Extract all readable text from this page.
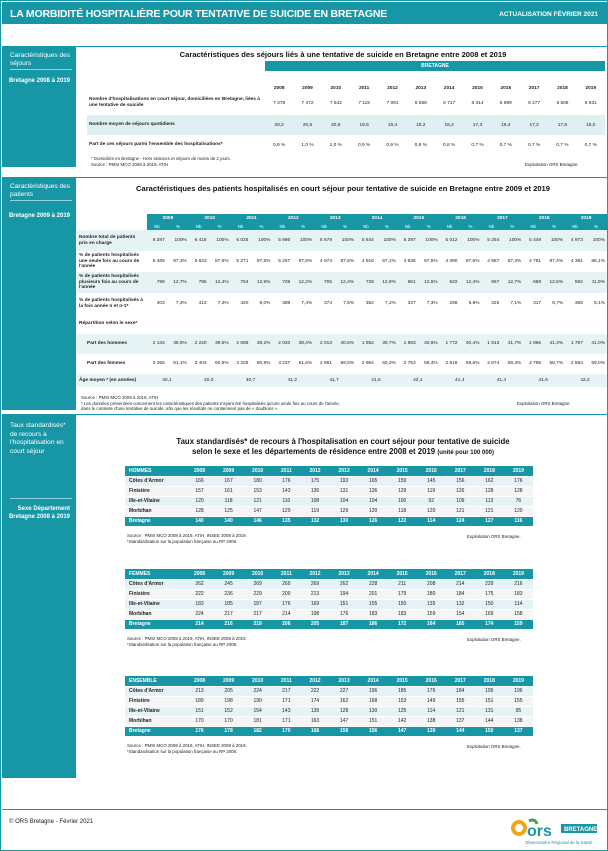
LA MORBIDITÉ HOSPITALIÈRE POUR TENTATIVE DE SUICIDE EN BRETAGNE	ACTUALISATION FÉVRIER 2021
Caractéristiques des séjours
Bretagne 2008 à 2019
Caractéristiques des séjours liés à une tentative de suicide en Bretagne entre 2008 et 2019
	BRETAGNE											
	2008	2009	2010	2011	2012	2013	2014	2015	2016	2017	2018	2019
Nombre d'hospitalisations en court séjour, domiciliées en Bretagne, liées à une tentative de suicide	7 378	7 472	7 642	7 119	7 091	6 658	6 717	6 314	5 989	6 277	6 508	5 831
Nombre moyen de séjours quotidiens	20,2	20,5	20,9	19,5	19,4	18,2	18,4	17,3	16,4	17,2	17,8	16,0
Part de ces séjours parmi l'ensemble des hospitalisations*	0,9 %	1,0 %	1,0 %	0,9 %	0,9 %	0,8 %	0,8 %	0,7 %	0,7 %	0,7 %	0,7 %	0,7 %
* Domiciliés en Bretagne - Hors séances et séjours de moins de 2 jours.
Source : PMSI MCO 2008 à 2019, ATIH	Exploitation ORS Bretagne.
Caractéristiques des patients
Bretagne 2009 à 2019
Caractéristiques des patients hospitalisés en court séjour pour tentative de suicide en Bretagne entre 2009 et 2019
	2009		2010		2011		2012		2013		2014		2015		2016		2017		2018		2019	
	Nb	%	Nb	%	Nb	%	Nb	%	Nb	%	Nb	%	Nb	%	Nb	%	Nb	%	Nb	%	Nb	%
Nombre total de patients pris en charge	6 287	100%	6 418	100%	6 025	100%	5 986	100%	5 679	100%	5 644	100%	5 297	100%	5 012	100%	5 254	100%	5 449	100%	4 973	100%
% de patients hospitalisés une seule fois au cours de l'année	5 489	87,3%	5 623	87,6%	5 271	87,5%	5 257	87,8%	4 974	87,6%	4 916	87,1%	4 636	87,5%	4 390	87,6%	4 587	87,3%	4 781	87,4%	4 381	88,1%
% de patients hospitalisés plusieurs fois au cours de l'année	798	12,7%	795	12,4%	754	12,5%	729	12,2%	705	12,4%	728	12,9%	661	12,5%	622	12,4%	667	12,7%	668	12,6%	592	11,9%
% de patients hospitalisés à la fois année n et n-1*	403	7,3%	413	7,3%	420	8,0%	388	7,4%	374	7,5%	352	7,2%	337	7,3%	298	6,8%	325	7,1%	317	6,7%	356	8,1%
Répartition selon le sexe*																						
Part des hommes	2 134	38,9%	2 220	39,5%	2 086	39,2%	2 020	38,4%	2 013	40,5%	1 952	39,7%	1 883	40,6%	1 772	40,4%	1 913	41,7%	1 966	41,3%	1 797	41,0%
Part des femmes	3 355	61,1%	3 403	60,5%	3 205	60,8%	3 237	61,6%	2 961	59,5%	2 964	60,3%	2 753	59,4%	2 618	59,6%	2 674	58,3%	2 795	58,7%	2 584	59,0%
Âge moyen * (en années)	40,1		40,3		40,7		41,2		41,7		41,5		42,1		41,4		41,4		41,6		42,2	
Source : PMSI MCO 2009 à 2019, ATIH
* Les données présentées concernent les caractéristiques des patients n'ayant été hospitalisés qu'une seule fois au cours de l'année,
dans le contexte d'une tentative de suicide, afin que les résultats ne contiennent pas de « doublons ».
Exploitation ORS Bretagne.
Taux standardisés* de recours à l'hospitalisation en court séjour
Sexe Département Bretagne 2008 à 2019
Taux standardisés* de recours à l'hospitalisation en court séjour pour tentative de suicide
selon le sexe et les départements de résidence entre 2008 et 2019 (unité pour 100 000)
HOMMES	2008	2009	2010	2011	2012	2013	2014	2015	2016	2017	2018	2019
Côtes d'Armor	166	167	180	176	175	193	165	159	145	156	162	176
Finistère	157	161	153	143	136	131	136	129	119	126	128	128
Ille-et-Vilaine	120	118	121	110	108	104	104	100	92	109	113	76
Morbihan	128	125	147	129	119	129	120	118	120	121	121	120
Bretagne	140	140	146	135	132	130	126	122	114	124	127	116
Source : PMSI MCO 2008 à 2019, ATIH, INSEE 2008 à 2019.
*Standardisation sur la population française au RP 2006.
Exploitation ORS Bretagne.
FEMMES	2008	2009	2010	2011	2012	2013	2014	2015	2016	2017	2018	2019
Côtes d'Armor	262	245	269	260	269	262	228	211	208	214	229	216
Finistère	222	236	229	200	213	194	201	179	180	184	175	183
Ille-et-Vilaine	183	185	187	176	169	151	155	150	135	132	150	114
Morbihan	224	217	217	214	198	176	183	183	159	154	169	158
Bretagne	214	216	219	206	205	187	186	172	164	165	174	159
Source : PMSI MCO 2008 à 2019, ATIH, INSEE 2008 à 2019.
*Standardisation sur la population française au RP 2006.
Exploitation ORS Bretagne.
ENSEMBLE	2008	2009	2010	2011	2012	2013	2014	2015	2016	2017	2018	2019
Côtes d'Armor	213	205	224	217	222	227	196	185	176	184	195	196
Finistère	189	198	190	171	174	162	168	153	149	155	151	155
Ille-et-Vilaine	151	152	154	143	139	128	130	125	114	121	131	95
Morbihan	170	170	181	171	163	147	151	142	138	137	144	138
Bretagne	176	178	182	170	168	158	156	147	139	144	150	137
Source : PMSI MCO 2008 à 2019, ATIH, INSEE 2008 à 2019.
*Standardisation sur la population française au RP 2006.
Exploitation ORS Bretagne.
© ORS Bretagne - Février 2021
ors BRETAGNE
Observatoire Régional de la Santé
